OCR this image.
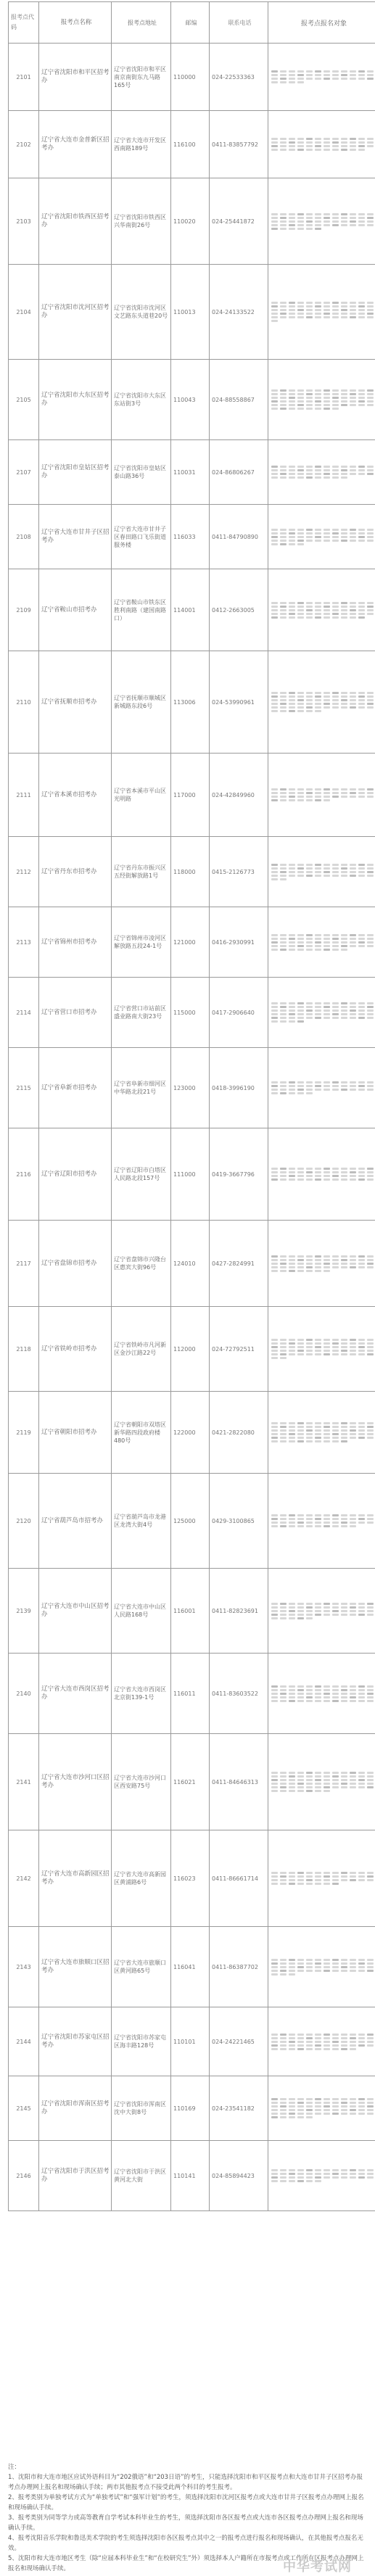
报考点代码	报考点名称	报考点地址	邮编	联系电话	报考点报名对象
2101	辽宁省沈阳市和平区招考办	辽宁省沈阳市和平区南京南街东九马路165号	110000	024-22533363	

2102	辽宁省大连市金普新区招考办	辽宁省大连市开发区西南路189号	116100	0411-83857792	

2103	辽宁省沈阳市铁西区招考办	辽宁省沈阳市铁西区兴华南街26号	110020	024-25441872	

2104	辽宁省沈阳市沈河区招考办	辽宁省沈阳市沈河区文艺路东头道巷20号	110013	024-24133522	

2105	辽宁省沈阳市大东区招考办	辽宁省沈阳市大东区东站街3号	110043	024-88558867	

2107	辽宁省沈阳市皇姑区招考办	辽宁省沈阳市皇姑区泰山路36号	110031	024-86806267	

2108	辽宁省大连市甘井子区招考办	辽宁省大连市甘井子区春田路口飞乐街道服务楼	116033	0411-84790890	

2109	辽宁省鞍山市招考办	辽宁省鞍山市铁东区胜利南路（建国南路口）	114001	0412-2663005	

2110	辽宁省抚顺市招考办	辽宁省抚顺市顺城区新城路东段6号	113006	024-53990961	

2111	辽宁省本溪市招考办	辽宁省本溪市平山区光明路	117000	024-42849960	

2112	辽宁省丹东市招考办	辽宁省丹东市振兴区五经街解放路1号	118000	0415-2126773	

2113	辽宁省锦州市招考办	辽宁省锦州市凌河区解放路五段24-1号	121000	0416-2930991	

2114	辽宁省营口市招考办	辽宁省营口市站前区盛业路南大街23号	115000	0417-2906640	

2115	辽宁省阜新市招考办	辽宁省阜新市细河区中华路北段21号	123000	0418-3996190	

2116	辽宁省辽阳市招考办	辽宁省辽阳市白塔区人民路北段157号	111000	0419-3667796	

2117	辽宁省盘锦市招考办	辽宁省盘锦市兴隆台区惠宾大街96号	124010	0427-2824991	

2118	辽宁省铁岭市招考办	辽宁省铁岭市凡河新区金沙江路22号	112000	024-72792511	

2119	辽宁省朝阳市招考办	辽宁省朝阳市双塔区新华路四段政府楼480号	122000	0421-2822080	

2120	辽宁省葫芦岛市招考办	辽宁省葫芦岛市龙港区龙湾大街4号	125000	0429-3100865	

2139	辽宁省大连市中山区招考办	辽宁省大连市中山区人民路168号	116001	0411-82823691	

2140	辽宁省大连市西岗区招考办	辽宁省大连市西岗区北京街139-1号	116011	0411-83603522	

2141	辽宁省大连市沙河口区招考办	辽宁省大连市沙河口区西安路75号	116021	0411-84646313	

2142	辽宁省大连市高新园区招考办	辽宁省大连市高新园区黄浦路6号	116023	0411-86661714	

2143	辽宁省大连市旅顺口区招考办	辽宁省大连市旅顺口区黄河路65号	116041	0411-86387702	

2144	辽宁省沈阳市苏家屯区招考办	辽宁省沈阳市苏家屯区海丰路128号	110101	024-24221465	

2145	辽宁省沈阳市浑南区招考办	辽宁省沈阳市浑南区沈中大街8号	110169	024-23541182	

2146	辽宁省沈阳市于洪区招考办	辽宁省沈阳市于洪区黄河北大街	110141	024-85894423	

注：

1、沈阳市和大连市地区应试外语科目为“202俄语”和“203日语”的考生，只能选择沈阳市和平区报考点和大连市甘井子区招考办报考点办理网上报名和现场确认手续；两市其他报考点不接受此两个科目的考生报考。

2、报考类别为单独考试方式为“单独考试”和“强军计划”的考生，须选择沈阳市沈河区报考点或大连市甘井子区报考点办理网上报名和现场确认手续。

3、报考类别为同等学力或高等教育自学考试本科毕业生的考生，须选择沈阳市各区报考点或大连市各区报考点办理网上报名和现场确认手续。

4、报考沈阳音乐学院和鲁迅美术学院的考生须选择沈阳市各区报考点其中之一的报考点进行报名和现场确认，在其他报考点报名无效。

5、沈阳市和大连市地区考生（除“应届本科毕业生”和“在校研究生”外）须选择本人户籍所在市报考点或工作所在区报考点办理网上报名和现场确认手续。	中华考试网
